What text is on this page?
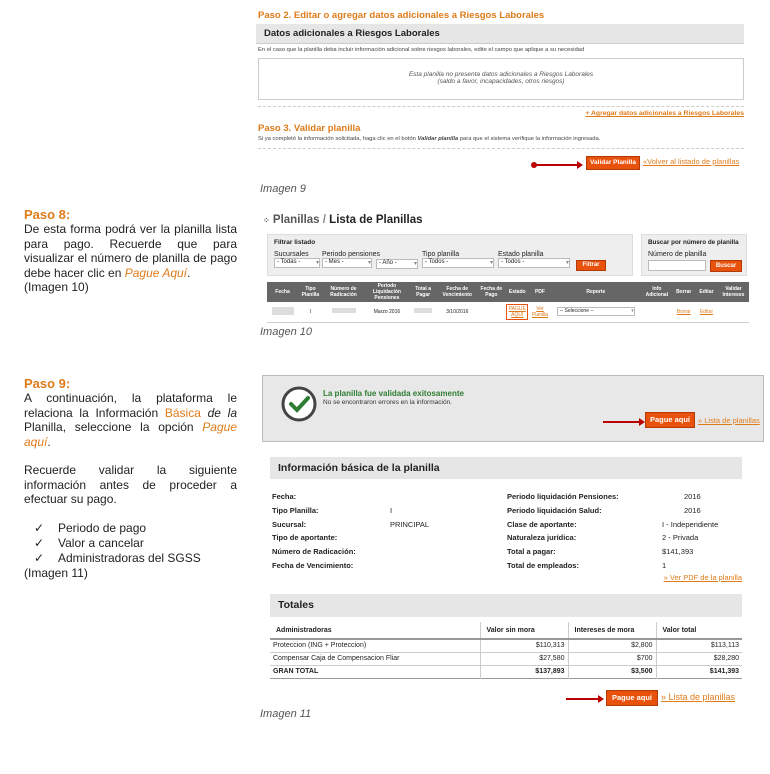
Paso 2. Editar o agregar datos adicionales a Riesgos Laborales
Datos adicionales a Riesgos Laborales
En el caso que la planilla deba incluir información adicional sobre riesgos laborales, edite el campo que aplique a su necesidad
Esta planilla no presenta datos adicionales a Riesgos Laborales
(saldo a favor, incapacidades, otros riesgos)
+ Agregar datos adicionales a Riesgos Laborales
Paso 3. Validar planilla
Si ya completó la información solicitada, haga clic en el botón Validar planilla para que el sistema verifique la información ingresada.
Validar Planilla «Volver al listado de planillas
Imagen 9
Paso 8:
De esta forma podrá ver la planilla lista para pago. Recuerde que para visualizar el número de planilla de pago debe hacer clic en Pague Aquí.
(Imagen 10)
⁘ Planillas / Lista de Planillas
Filtrar listado
Sucursales
- Todas -	▾
Periodo pensiones
- Mes -	▾	- Año -	▾
Tipo planilla
- Todos -	▾
Estado planilla
- Todos -	▾	Filtrar
Buscar por número de planilla
Número de planilla
Buscar
Fecha	Tipo Planilla	Número de Radicación	Periodo Liquidación Pensiones	Total a Pagar	Fecha de Vencimiento	Fecha de Pago	Estado	PDF	Reporte	Info Adicional	Borrar	Editar	Validar Intereses
	I		Marzo 2016		3/10/2016		PAGUE AQUÍ	Ver Planilla	-- Seleccione -- ▾		Borrar	Editar	
Imagen 10
Paso 9:
A continuación, la plataforma le relaciona la Información Básica de la Planilla, seleccione la opción Pague aquí.
Recuerde validar la siguiente información antes de proceder a efectuar su pago.
✓ Periodo de pago
✓ Valor a cancelar
✓ Administradoras del SGSS
(Imagen 11)
La planilla fue validada exitosamente
No se encontraron errores en la información.
Pague aquí	» Lista de planillas
Información básica de la planilla
Fecha:
Tipo Planilla:	I
Sucursal:	PRINCIPAL
Tipo de aportante:
Número de Radicación:
Fecha de Vencimiento:
Periodo liquidación Pensiones:	2016
Periodo liquidación Salud:	2016
Clase de aportante:	I - Independiente
Naturaleza jurídica:	2 - Privada
Total a pagar:	$141,393
Total de empleados:	1
» Ver PDF de la planilla
Totales
Administradoras	Valor sin mora	Intereses de mora	Valor total
Proteccion (ING + Proteccion)	$110,313	$2,800	$113,113
Compensar Caja de Compensacion Fliar	$27,580	$700	$28,280
GRAN TOTAL	$137,893	$3,500	$141,393
Pague aquí	» Lista de planillas
Imagen 11
